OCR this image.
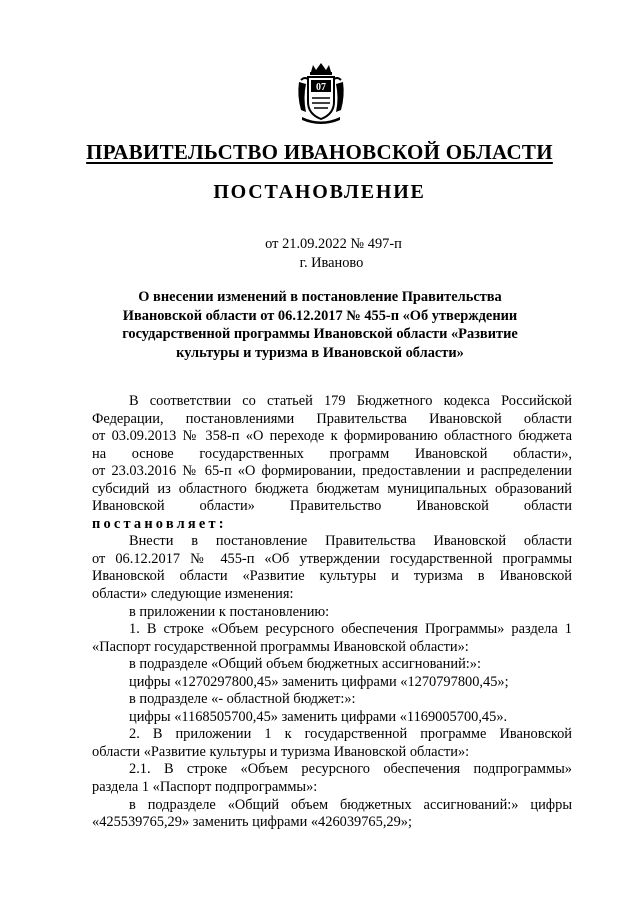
07
ПРАВИТЕЛЬСТВО ИВАНОВСКОЙ ОБЛАСТИ
ПОСТАНОВЛЕНИЕ
от 21.09.2022 № 497-п
г. Иваново
О внесении изменений в постановление Правительства
Ивановской области от 06.12.2017 № 455-п «Об утверждении
государственной программы Ивановской области «Развитие
культуры и туризма в Ивановской области»
В соответствии со статьей 179 Бюджетного кодекса Российской
Федерации, постановлениями Правительства Ивановской области
от 03.09.2013 № 358-п «О переходе к формированию областного бюджета
на основе государственных программ Ивановской области»,
от 23.03.2016 № 65-п «О формировании, предоставлении и распределении
субсидий из областного бюджета бюджетам муниципальных образований
Ивановской области» Правительство Ивановской области
постановляет:
Внести в постановление Правительства Ивановской области
от 06.12.2017 № 455-п «Об утверждении государственной программы
Ивановской области «Развитие культуры и туризма в Ивановской
области» следующие изменения:
в приложении к постановлению:
1. В строке «Объем ресурсного обеспечения Программы» раздела 1
«Паспорт государственной программы Ивановской области»:
в подразделе «Общий объем бюджетных ассигнований:»:
цифры «1270297800,45» заменить цифрами «1270797800,45»;
в подразделе «- областной бюджет:»:
цифры «1168505700,45» заменить цифрами «1169005700,45».
2. В приложении 1 к государственной программе Ивановской
области «Развитие культуры и туризма Ивановской области»:
2.1. В строке «Объем ресурсного обеспечения подпрограммы»
раздела 1 «Паспорт подпрограммы»:
в подразделе «Общий объем бюджетных ассигнований:» цифры
«425539765,29» заменить цифрами «426039765,29»;
